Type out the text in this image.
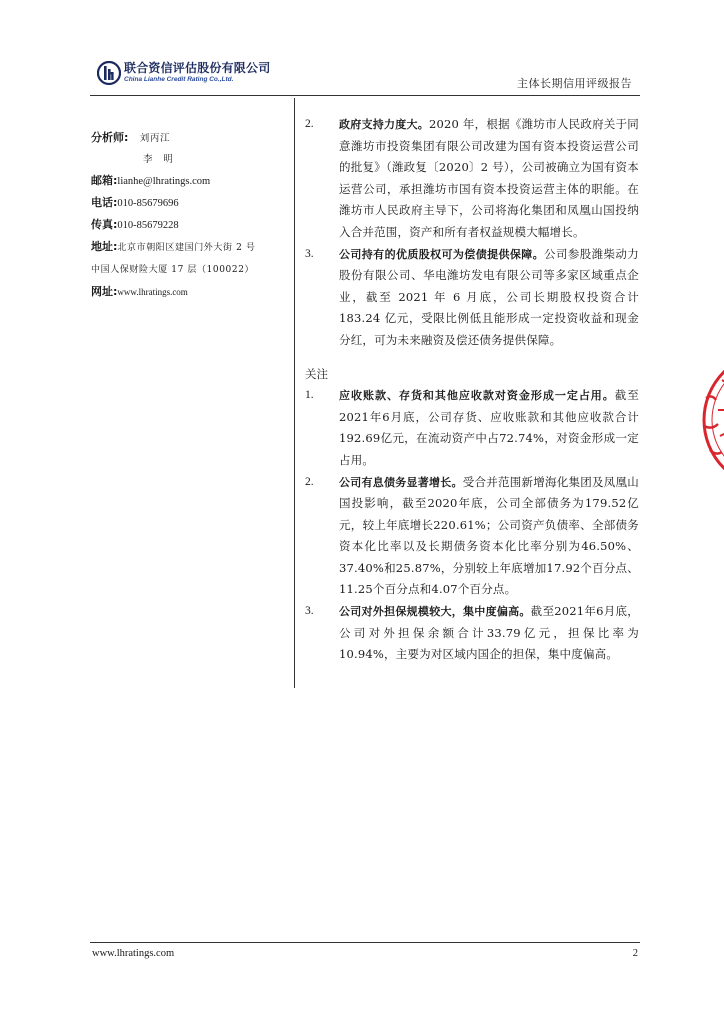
联合资信评估股份有限公司
China Lianhe Credit Rating Co.,Ltd.	主体长期信用评级报告
分析师: 刘丙江
李　明
邮箱:lianhe@lhratings.com
电话:010-85679696
传真:010-85679228
地址:北京市朝阳区建国门外大街 2 号
中国人保财险大厦 17 层（100022）
网址:www.lhratings.com
2.	政府支持力度大。2020 年，根据《潍坊市人民政府关于同意潍坊市投资集团有限公司改建为国有资本投资运营公司的批复》（潍政复〔2020〕2 号），公司被确立为国有资本运营公司，承担潍坊市国有资本投资运营主体的职能。在潍坊市人民政府主导下，公司将海化集团和凤凰山国投纳入合并范围，资产和所有者权益规模大幅增长。
3.	公司持有的优质股权可为偿债提供保障。公司参股潍柴动力股份有限公司、华电潍坊发电有限公司等多家区域重点企业，截至 2021 年 6 月底，公司长期股权投资合计 183.24 亿元，受限比例低且能形成一定投资收益和现金分红，可为未来融资及偿还债务提供保障。
关注
1.	应收账款、存货和其他应收款对资金形成一定占用。截至2021年6月底，公司存货、应收账款和其他应收款合计192.69亿元，在流动资产中占72.74%，对资金形成一定占用。
2.	公司有息债务显著增长。受合并范围新增海化集团及凤凰山国投影响，截至2020年底，公司全部债务为179.52亿元，较上年底增长220.61%；公司资产负债率、全部债务资本化比率以及长期债务资本化比率分别为46.50%、37.40%和25.87%，分别较上年底增加17.92个百分点、11.25个百分点和4.07个百分点。
3.	公司对外担保规模较大，集中度偏高。截至2021年6月底，公司对外担保余额合计33.79亿元，担保比率为10.94%，主要为对区域内国企的担保，集中度偏高。
www.lhratings.com	2
